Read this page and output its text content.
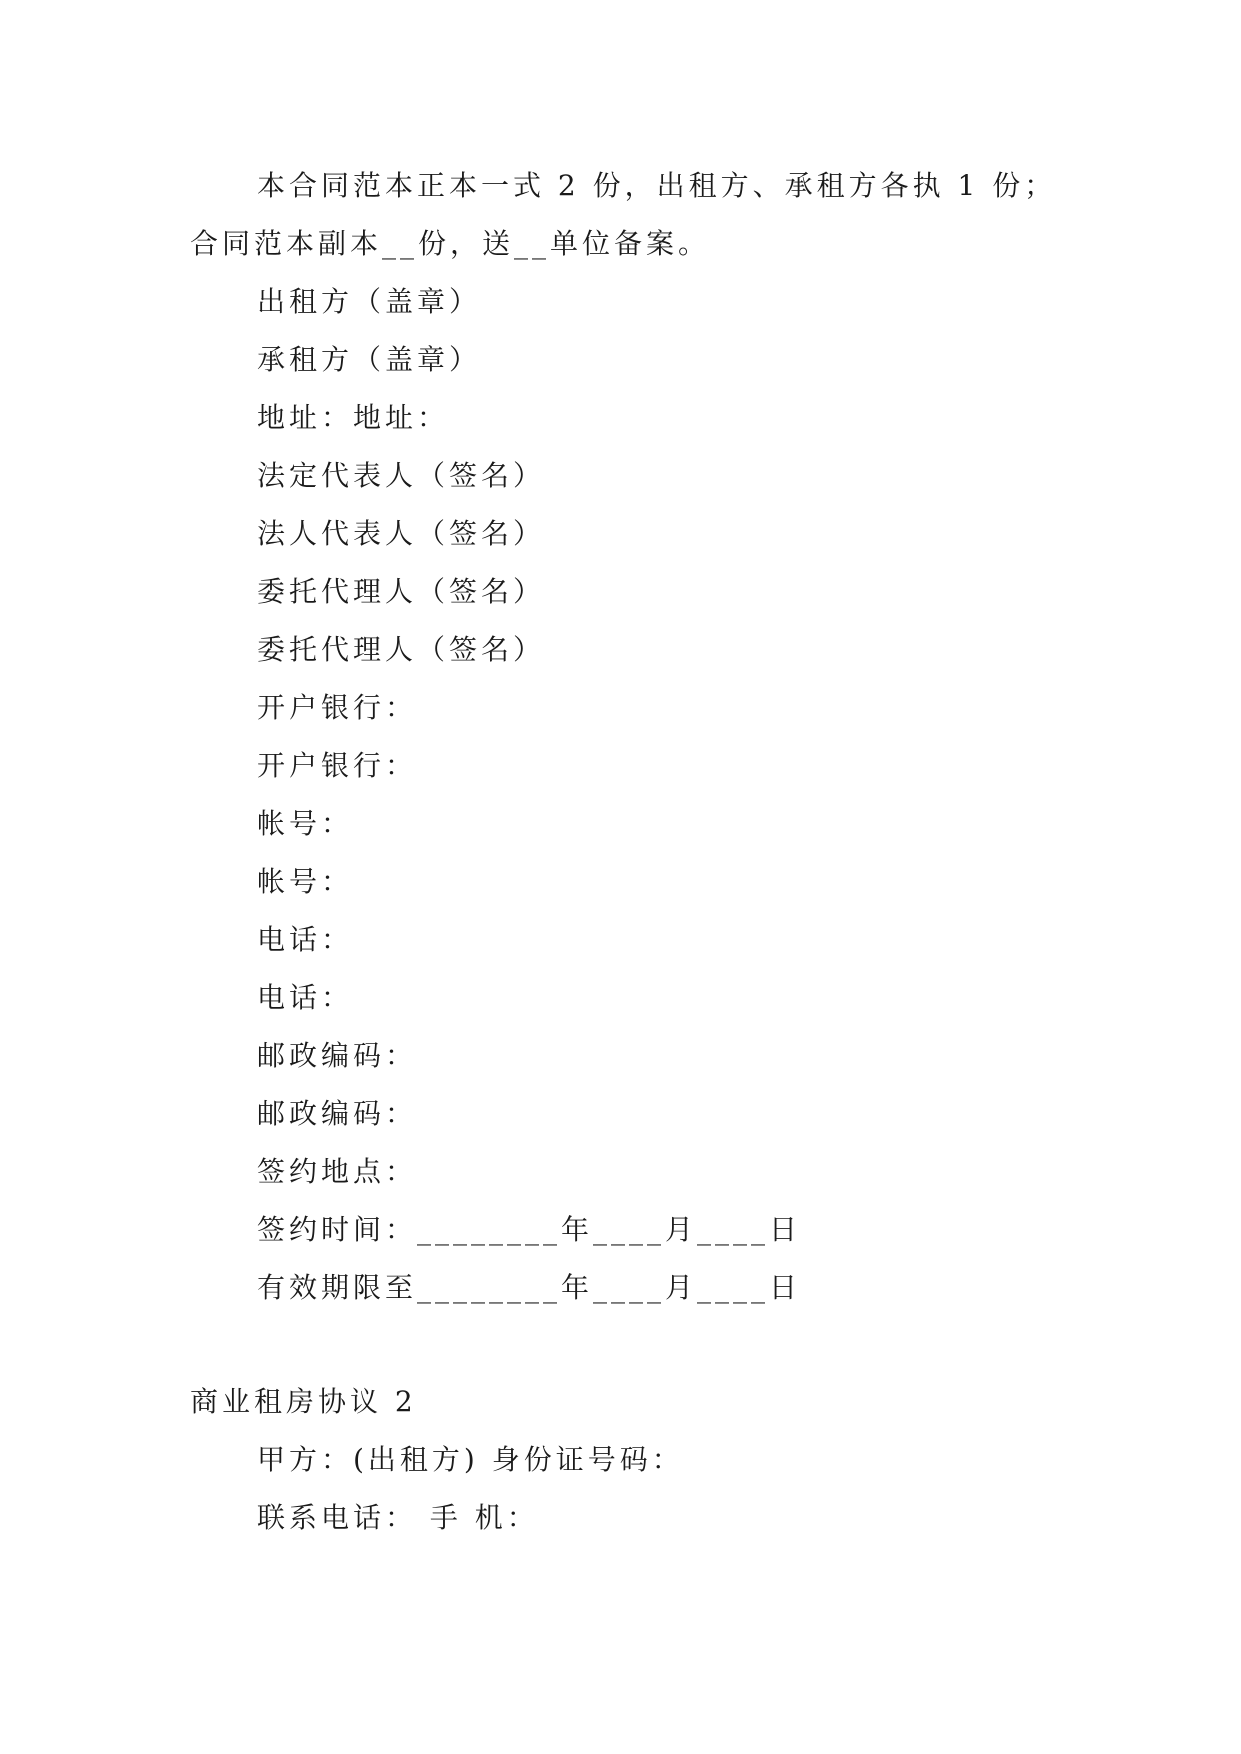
本合同范本正本一式 2 份，出租方、承租方各执 1 份；
合同范本副本__份，送__单位备案。
出租方（盖章）
承租方（盖章）
地址：地址：
法定代表人（签名）
法人代表人（签名）
委托代理人（签名）
委托代理人（签名）
开户银行：
开户银行：
帐号：
帐号：
电话：
电话：
邮政编码：
邮政编码：
签约地点：
签约时间：________年____月____日
有效期限至________年____月____日
商业租房协议 2
甲方：(出租方) 身份证号码：
联系电话： 手 机：
